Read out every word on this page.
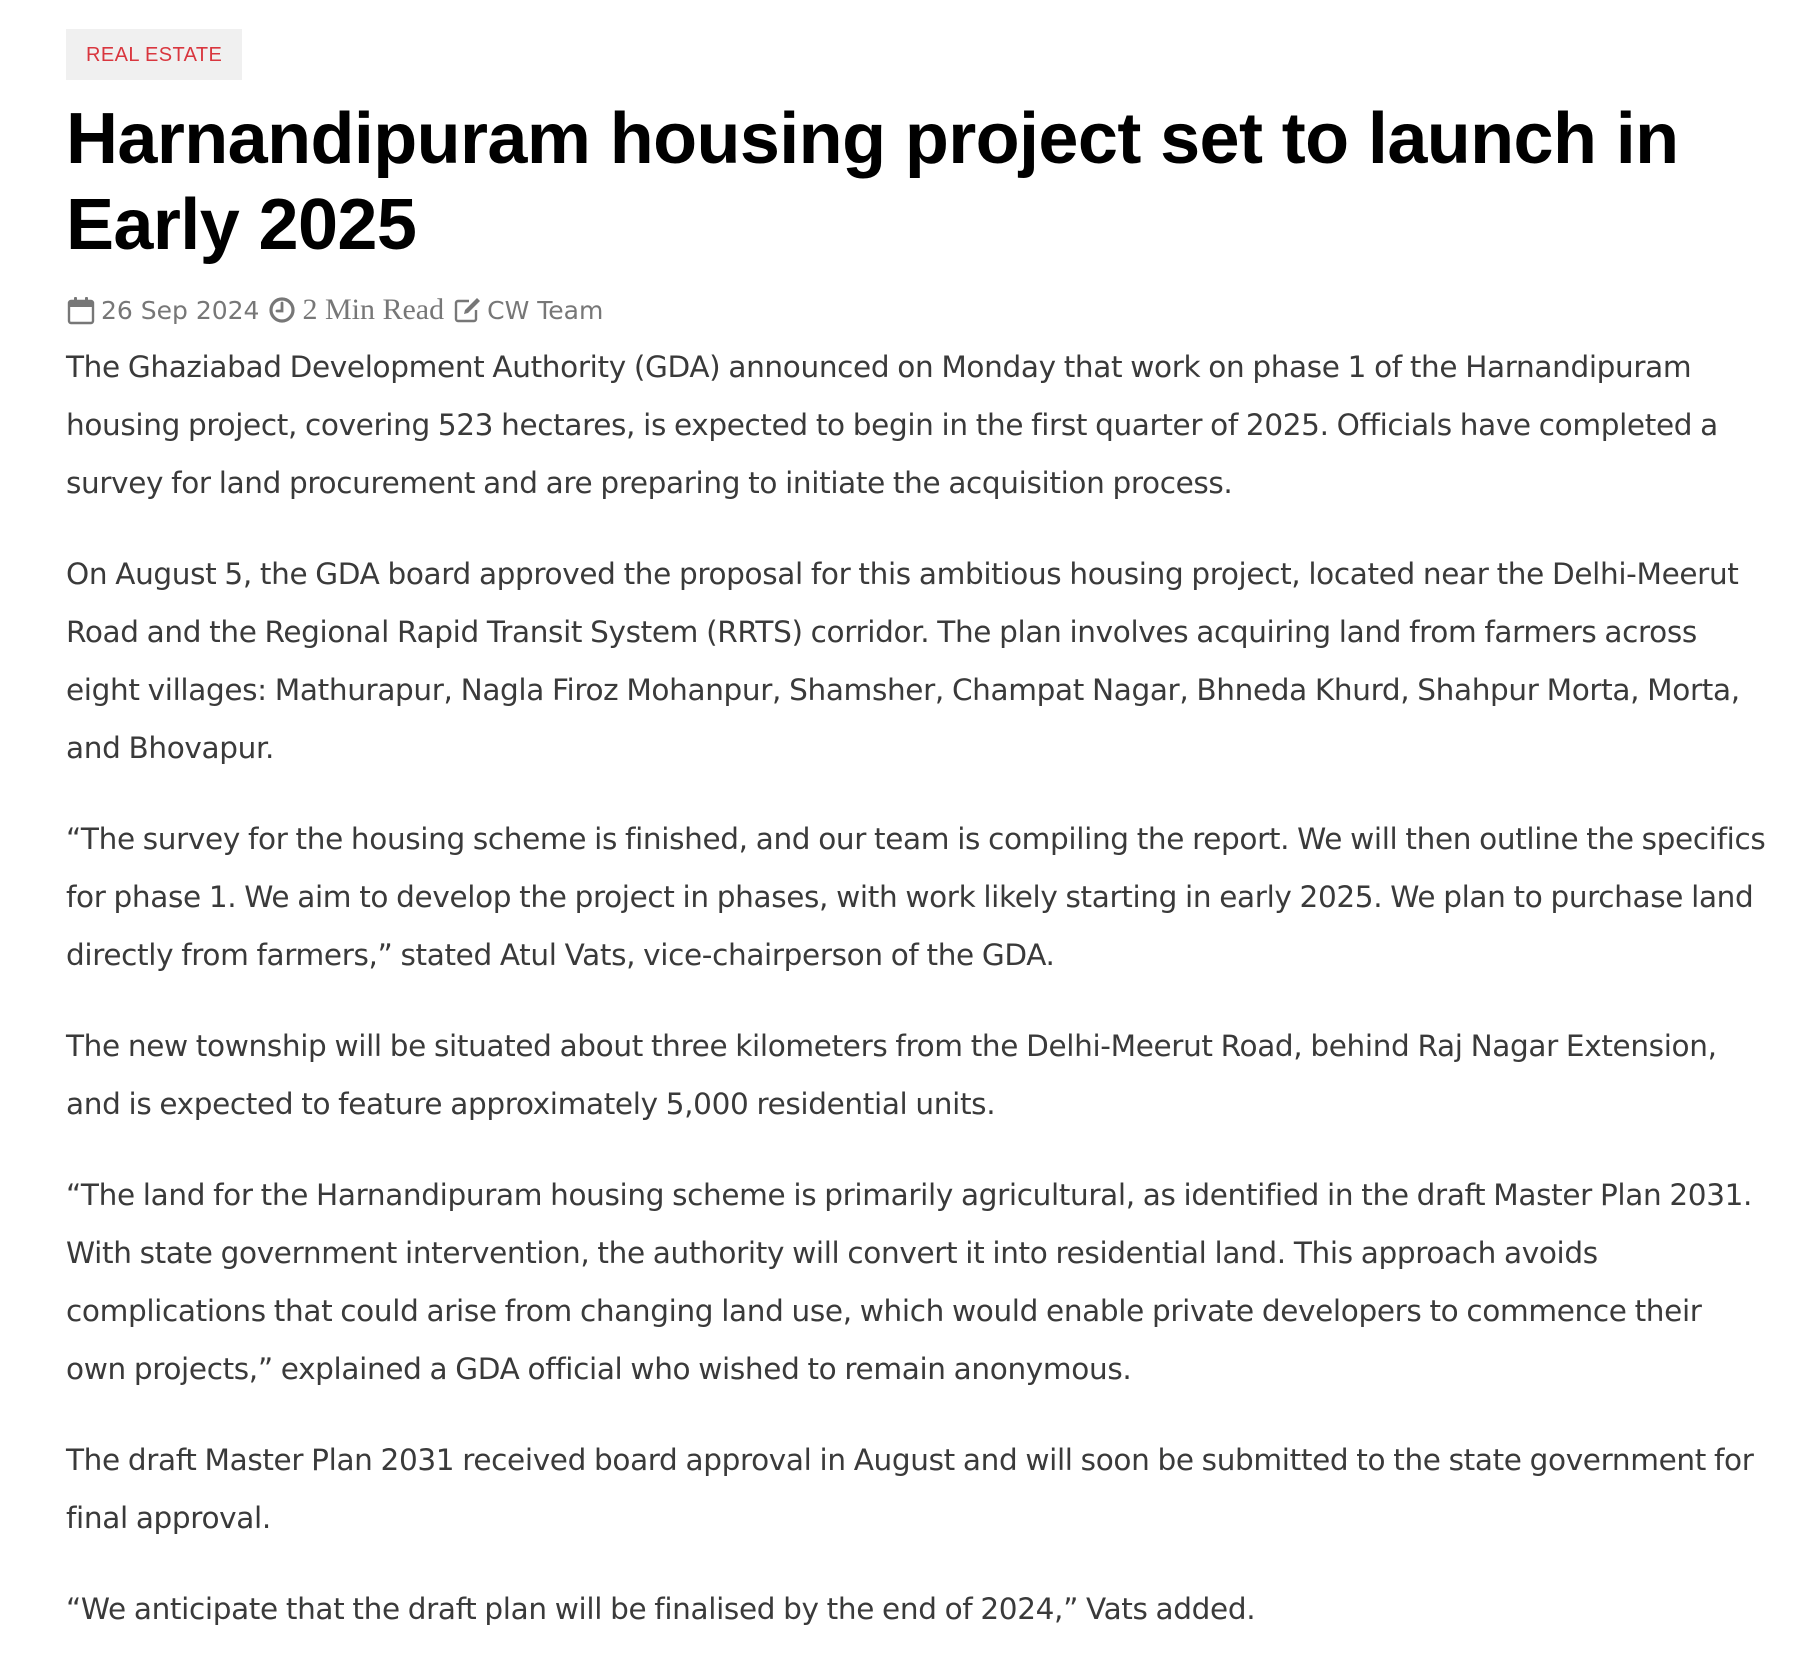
REAL ESTATE
Harnandipuram housing project set to launch in Early 2025
26 Sep 2024 2 Min Read CW Team

The Ghaziabad Development Authority (GDA) announced on Monday that work on phase 1 of the Harnandipuram housing project, covering 523 hectares, is expected to begin in the first quarter of 2025. Officials have completed a survey for land procurement and are preparing to initiate the acquisition process.

On August 5, the GDA board approved the proposal for this ambitious housing project, located near the Delhi-Meerut Road and the Regional Rapid Transit System (RRTS) corridor. The plan involves acquiring land from farmers across eight villages: Mathurapur, Nagla Firoz Mohanpur, Shamsher, Champat Nagar, Bhneda Khurd, Shahpur Morta, Morta, and Bhovapur.

“The survey for the housing scheme is finished, and our team is compiling the report. We will then outline the specifics for phase 1. We aim to develop the project in phases, with work likely starting in early 2025. We plan to purchase land directly from farmers,” stated Atul Vats, vice-chairperson of the GDA.

The new township will be situated about three kilometers from the Delhi-Meerut Road, behind Raj Nagar Extension, and is expected to feature approximately 5,000 residential units.

“The land for the Harnandipuram housing scheme is primarily agricultural, as identified in the draft Master Plan 2031. With state government intervention, the authority will convert it into residential land. This approach avoids complications that could arise from changing land use, which would enable private developers to commence their own projects,” explained a GDA official who wished to remain anonymous.

The draft Master Plan 2031 received board approval in August and will soon be submitted to the state government for final approval.

“We anticipate that the draft plan will be finalised by the end of 2024,” Vats added.
